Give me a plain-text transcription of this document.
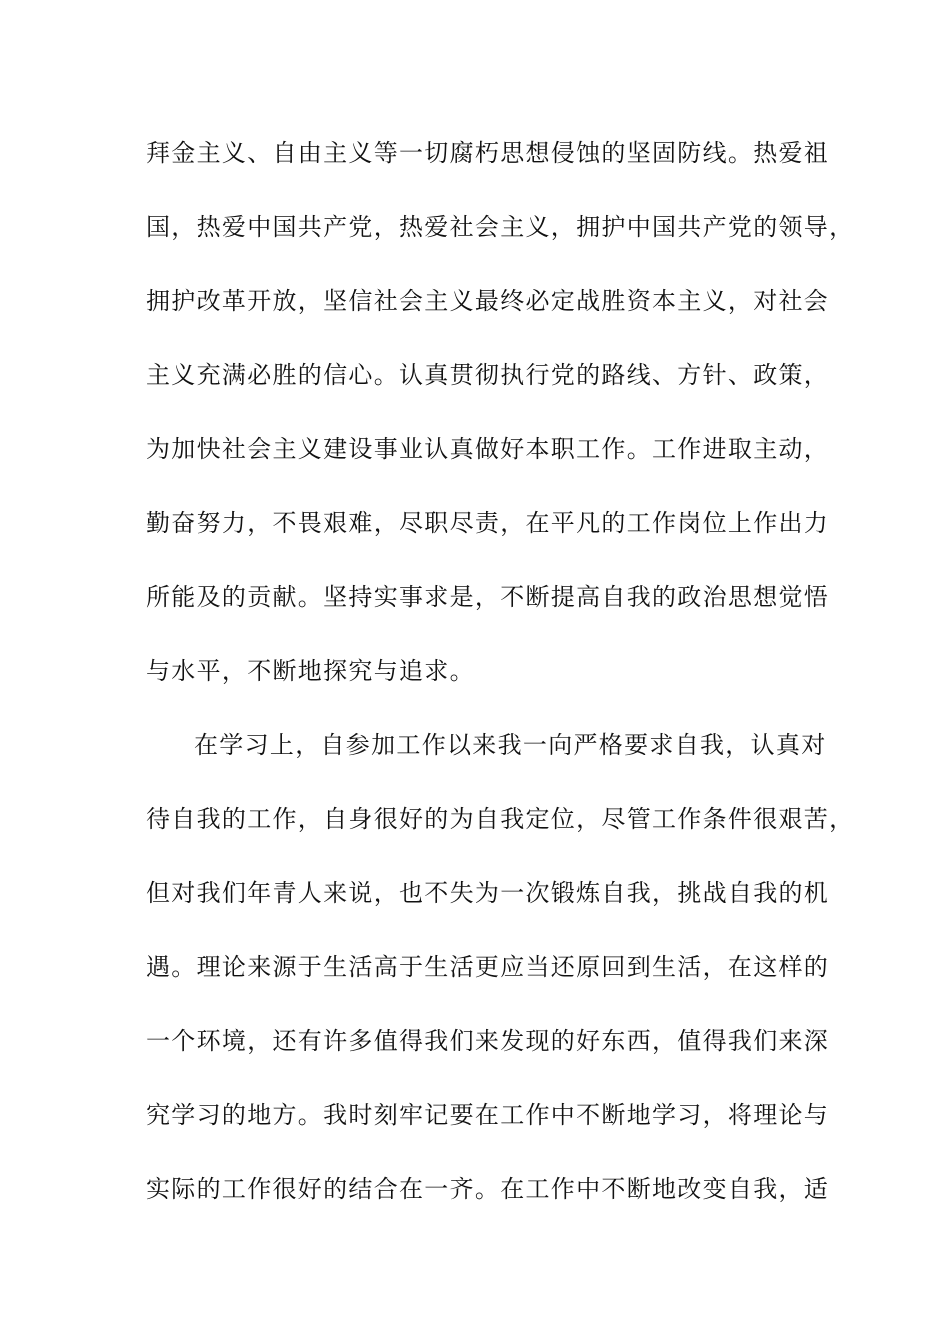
拜金主义、自由主义等一切腐朽思想侵蚀的坚固防线。热爱祖
国，热爱中国共产党，热爱社会主义，拥护中国共产党的领导，
拥护改革开放，坚信社会主义最终必定战胜资本主义，对社会
主义充满必胜的信心。认真贯彻执行党的路线、方针、政策，
为加快社会主义建设事业认真做好本职工作。工作进取主动，
勤奋努力，不畏艰难，尽职尽责，在平凡的工作岗位上作出力
所能及的贡献。坚持实事求是，不断提高自我的政治思想觉悟
与水平，不断地探究与追求。
在学习上，自参加工作以来我一向严格要求自我，认真对
待自我的工作，自身很好的为自我定位，尽管工作条件很艰苦，
但对我们年青人来说，也不失为一次锻炼自我，挑战自我的机
遇。理论来源于生活高于生活更应当还原回到生活，在这样的
一个环境，还有许多值得我们来发现的好东西，值得我们来深
究学习的地方。我时刻牢记要在工作中不断地学习，将理论与
实际的工作很好的结合在一齐。在工作中不断地改变自我，适
